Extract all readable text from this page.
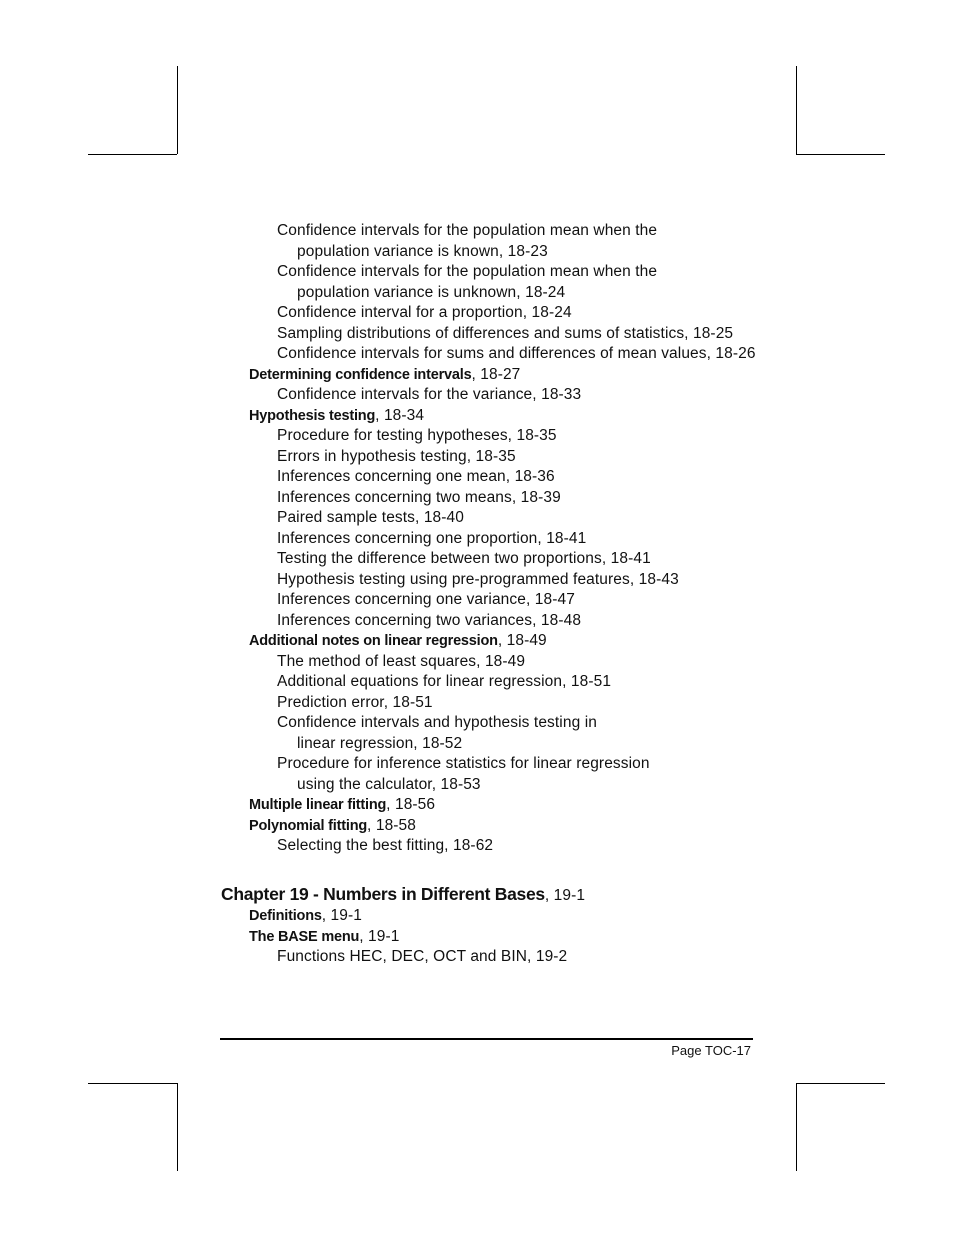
Confidence intervals for the population mean when the
population variance is known, 18-23
Confidence intervals for the population mean when the
population variance is unknown, 18-24
Confidence interval for a proportion, 18-24
Sampling distributions of differences and sums of statistics, 18-25
Confidence intervals for sums and differences of mean values, 18-26
Determining confidence intervals, 18-27
Confidence intervals for the variance, 18-33
Hypothesis testing, 18-34
Procedure for testing hypotheses, 18-35
Errors in hypothesis testing, 18-35
Inferences concerning one mean, 18-36
Inferences concerning two means, 18-39
Paired sample tests, 18-40
Inferences concerning one proportion, 18-41
Testing the difference between two proportions, 18-41
Hypothesis testing using pre-programmed features, 18-43
Inferences concerning one variance, 18-47
Inferences concerning two variances, 18-48
Additional notes on linear regression, 18-49
The method of least squares, 18-49
Additional equations for linear regression, 18-51
Prediction error, 18-51
Confidence intervals and hypothesis testing in
linear regression, 18-52
Procedure for inference statistics for linear regression
using the calculator, 18-53
Multiple linear fitting, 18-56
Polynomial fitting, 18-58
Selecting the best fitting, 18-62
Chapter 19 - Numbers in Different Bases, 19-1
Definitions, 19-1
The BASE menu, 19-1
Functions HEC, DEC, OCT and BIN, 19-2
Page TOC-17
